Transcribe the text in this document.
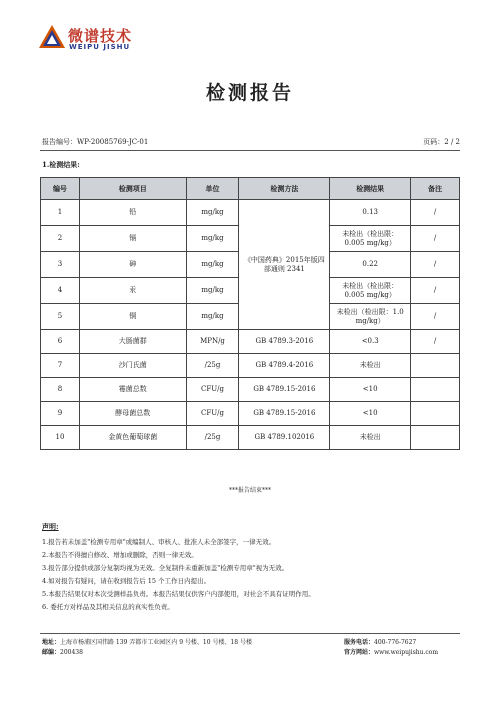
微谱技术
WEIPU JISHU
检测报告
报告编号：WP-20085769-JC-01	页码：2 / 2
1.检测结果:
编号	检测项目	单位	检测方法	检测结果	备注
1	铅	mg/kg	《中国药典》2015年版四部通则 2341	0.13	/
2	镉	mg/kg		未检出（检出限：0.005 mg/kg）	/
3	砷	mg/kg		0.22	/
4	汞	mg/kg		未检出（检出限：0.005 mg/kg）	/
5	铜	mg/kg		未检出（检出限：1.0 mg/kg）	/
6	大肠菌群	MPN/g	GB 4789.3-2016	<0.3	/
7	沙门氏菌	/25g	GB 4789.4-2016	未检出	
8	霉菌总数	CFU/g	GB 4789.15-2016	<10	
9	酵母菌总数	CFU/g	GB 4789.15-2016	<10	
10	金黄色葡萄球菌	/25g	GB 4789.102016	未检出	
***报告结束***
声明:
1.报告若未加盖"检测专用章"或编制人、审核人、批准人未全部签字，一律无效。
2.本报告不得擅自修改、增加或删除，否则一律无效。
3.报告部分提供或部分复制均视为无效。全复制件未重新加盖"检测专用章"视为无效。
4.如对报告有疑问，请在收到报告后 15 个工作日内提出。
5.本报告结果仅对本次受测样品负责。本报告结果仅供客户内部使用，对社会不具有证明作用。
6. 委托方对样品及其相关信息的真实性负责。
地址：上海市杨浦区国伟路 139 弄都市工业园区内 9 号楼、10 号楼、18 号楼
邮编：200438
服务电话：400-776-7627
官方网站：www.weipujishu.com
